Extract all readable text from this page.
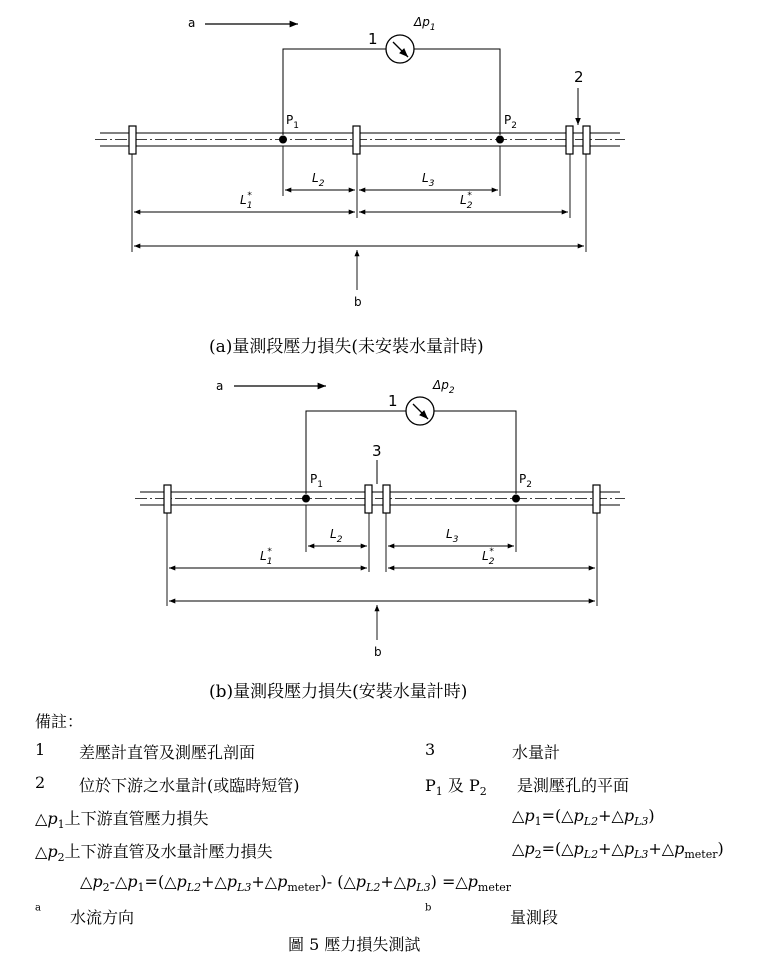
a
1
$\Delta p_1$
2
$P_1$	$P_2$
$L_2$	$L_3$
$L_1*$	$L_2*$
b
a
1
$\Delta p_2$
3
$P_1$	$P_2$
$L_2$	$L_3$
$L_1*$	$L_2*$
b
(a)量測段壓力損失(未安裝水量計時)
(b)量測段壓力損失(安裝水量計時)
備註：
1 差壓計直管及測壓孔剖面	3	水量計
2 位於下游之水量計(或臨時短管)	$P_1$ 及 $P_2$ 是測壓孔的平面
$\triangle p_1$上下游直管壓力損失	$\triangle p_1=(\triangle p_{L2}+\triangle p_{L3})$
$\triangle p_2$上下游直管及水量計壓力損失	$\triangle p_2=(\triangle p_{L2}+\triangle p_{L3}+\triangle p_{meter})$
$\triangle p_2-\triangle p_1=(\triangle p_{L2}+\triangle p_{L3}+\triangle p_{meter})-$ $(\triangle p_{L2}+\triangle p_{L3})$ $=\triangle p_{meter}$
$^a$ 水流方向	$^b$	量測段
圖 5 壓力損失測試
